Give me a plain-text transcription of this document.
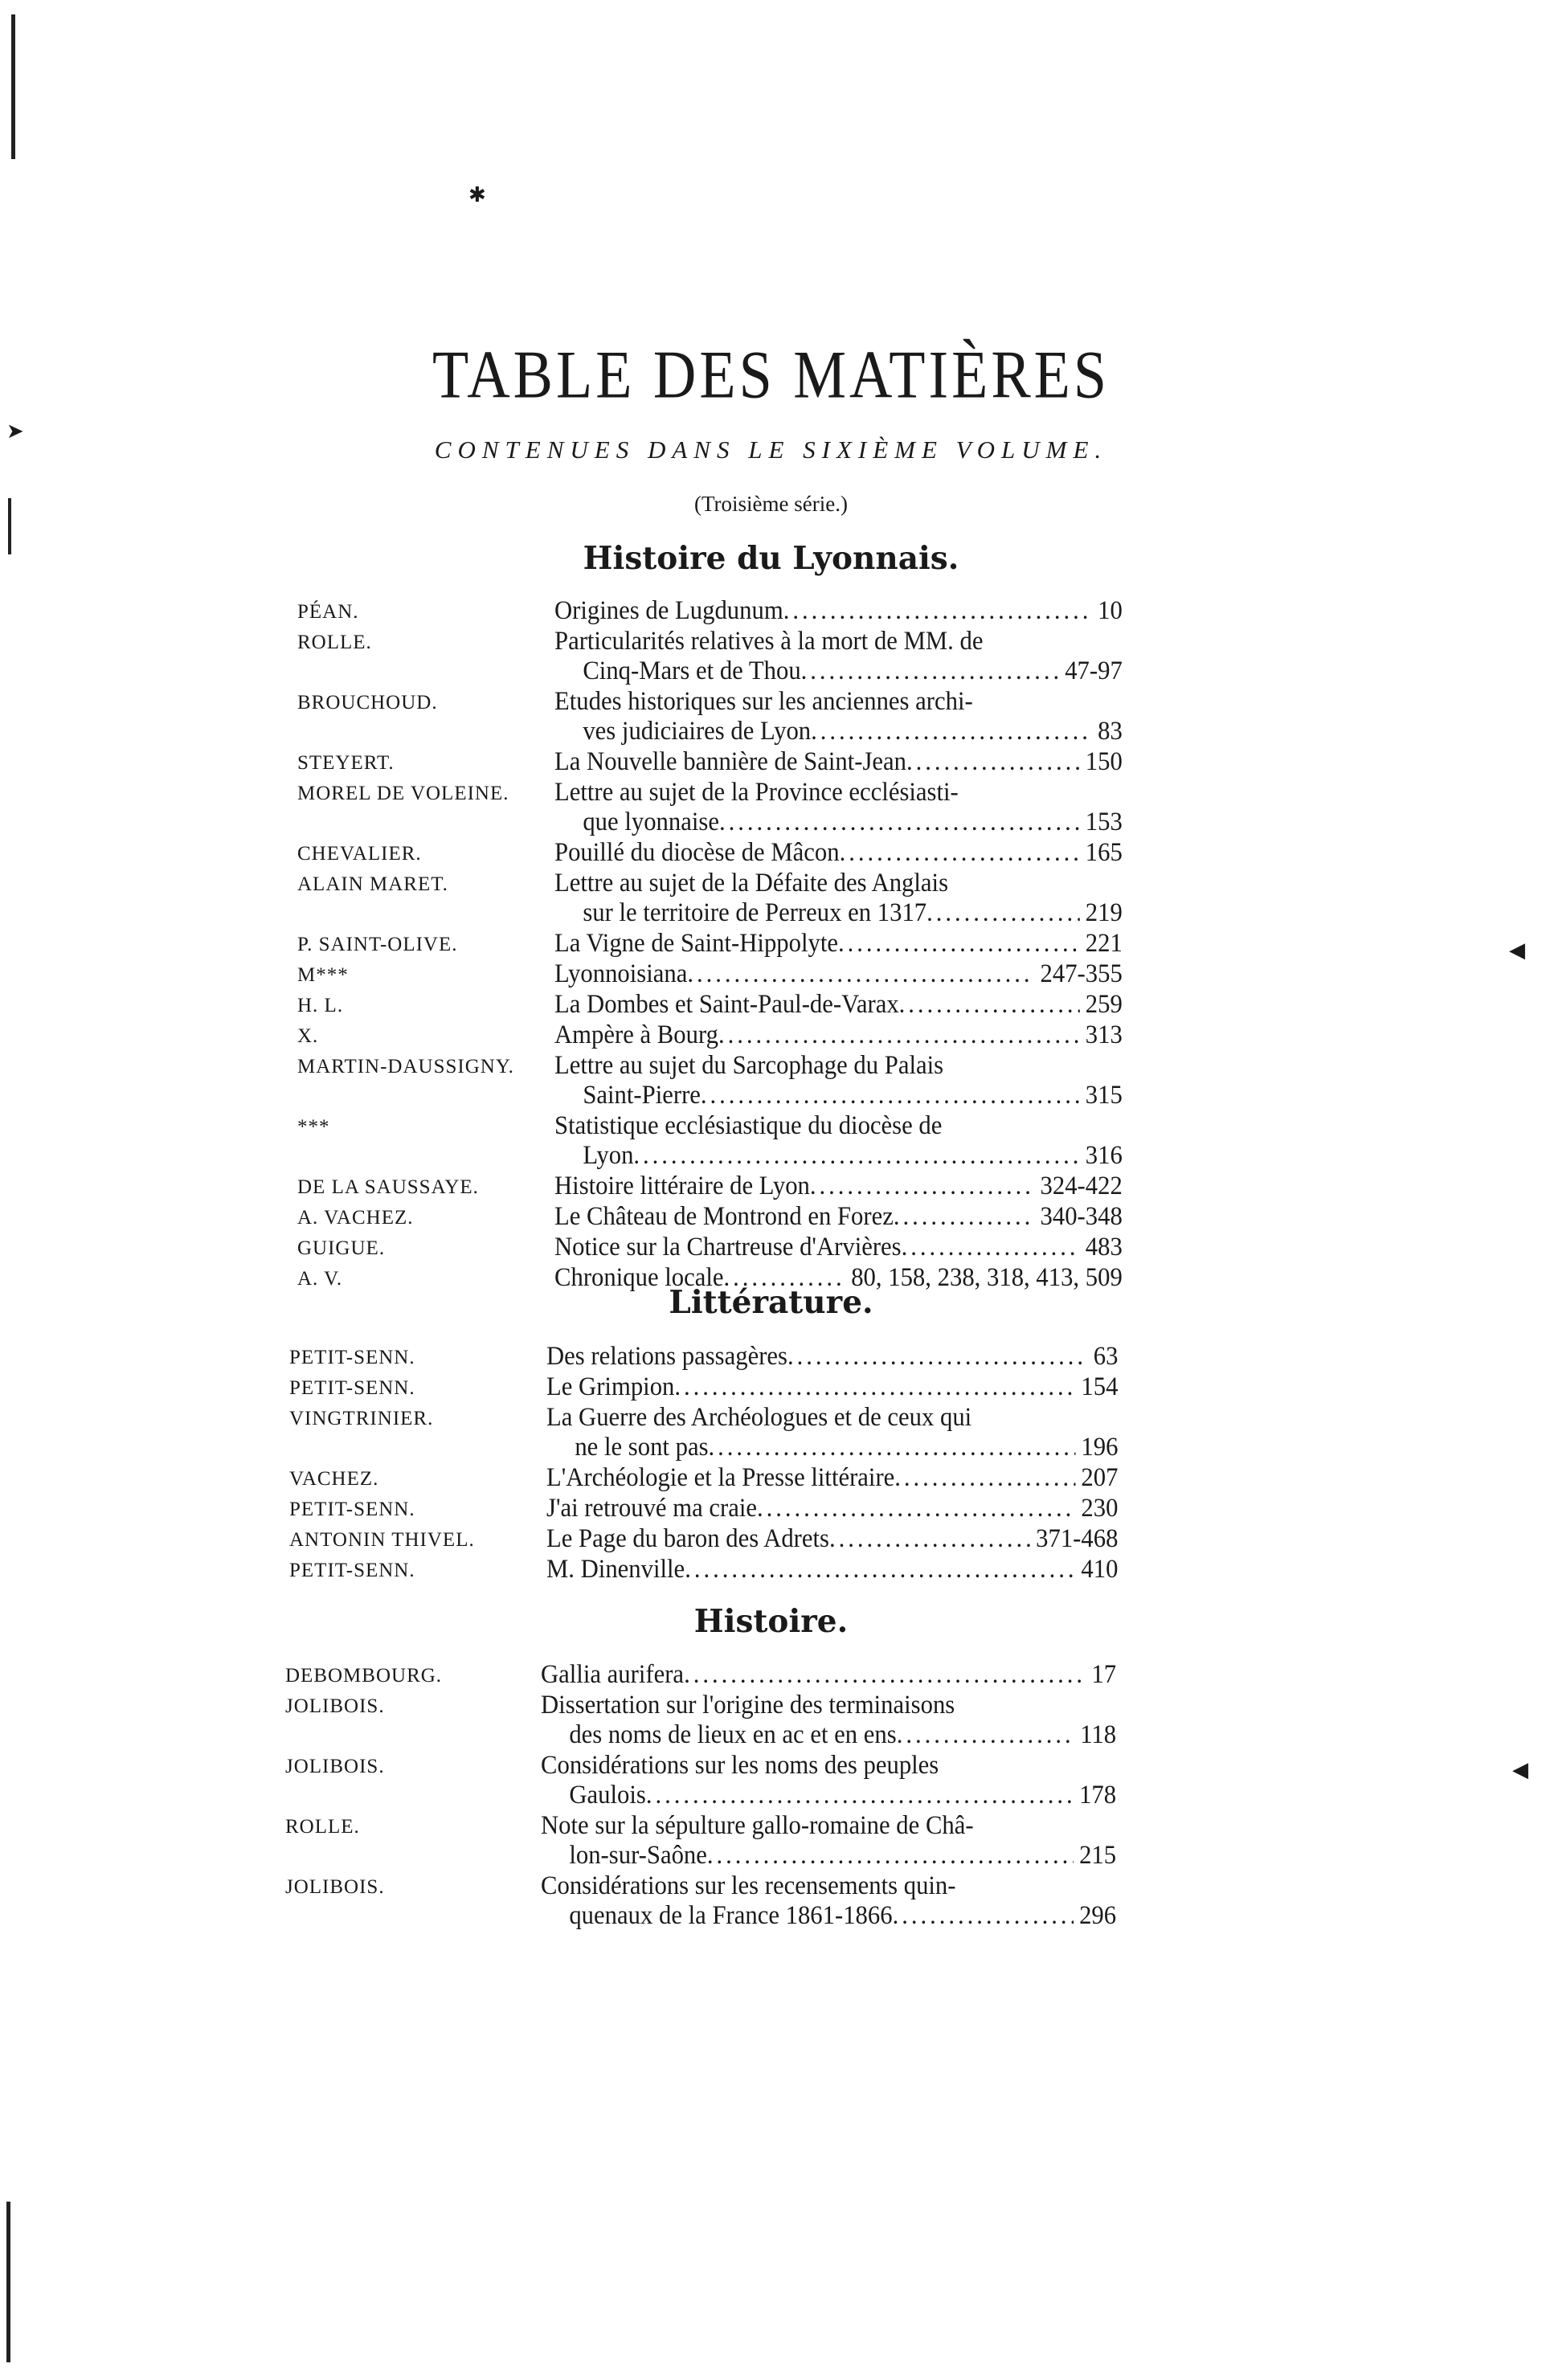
✱
➤
◀
◀
TABLE DES MATIÈRES
CONTENUES DANS LE SIXIÈME VOLUME.
(Troisième série.)
Histoire du Lyonnais.
Littérature.
Histoire.
PÉAN.	Origines de Lugdunum . . .	10
ROLLE.	Particularités relatives à la mort de MM. de
Cinq-Mars et de Thou . . .	47-97
BROUCHOUD.	Etudes historiques sur les anciennes archi-
ves judiciaires de Lyon . . .	83
STEYERT.	La Nouvelle bannière de Saint-Jean . . .	150
MOREL DE VOLEINE. Lettre au sujet de la Province ecclésiasti-
que lyonnaise . . .	153
CHEVALIER.	Pouillé du diocèse de Mâcon . . .	165
ALAIN MARET.	Lettre au sujet de la Défaite des Anglais
sur le territoire de Perreux en 1317 . . .	219
P. SAINT-OLIVE.	La Vigne de Saint-Hippolyte . . .	221
M***	Lyonnoisiana . . .	247-355
H. L.	La Dombes et Saint-Paul-de-Varax . . .	259
X.	Ampère à Bourg . . .	313
MARTIN-DAUSSIGNY. Lettre au sujet du Sarcophage du Palais
Saint-Pierre . . .	315
***	Statistique ecclésiastique du diocèse de
Lyon . . .	316
DE LA SAUSSAYE.	Histoire littéraire de Lyon . . .	324-422
A. VACHEZ.	Le Château de Montrond en Forez . . .	340-348
GUIGUE.	Notice sur la Chartreuse d'Arvières . . .	483
A. V.	Chronique locale . . .	80, 158, 238, 318, 413, 509
PETIT-SENN.	Des relations passagères . . .	63
PETIT-SENN.	Le Grimpion . . .	154
VINGTRINIER.	La Guerre des Archéologues et de ceux qui
ne le sont pas . . .	196
VACHEZ.	L'Archéologie et la Presse littéraire . . .	207
PETIT-SENN.	J'ai retrouvé ma craie . . .	230
ANTONIN THIVEL.	Le Page du baron des Adrets . . .	371-468
PETIT-SENN.	M. Dinenville . . .	410
DEBOMBOURG.	Gallia aurifera . . .	17
JOLIBOIS.	Dissertation sur l'origine des terminaisons
des noms de lieux en ac et en ens . . .	118
JOLIBOIS.	Considérations sur les noms des peuples
Gaulois . . .	178
ROLLE.	Note sur la sépulture gallo-romaine de Châ-
lon-sur-Saône . . .	215
JOLIBOIS.	Considérations sur les recensements quin-
quenaux de la France 1861-1866 . . .	296
